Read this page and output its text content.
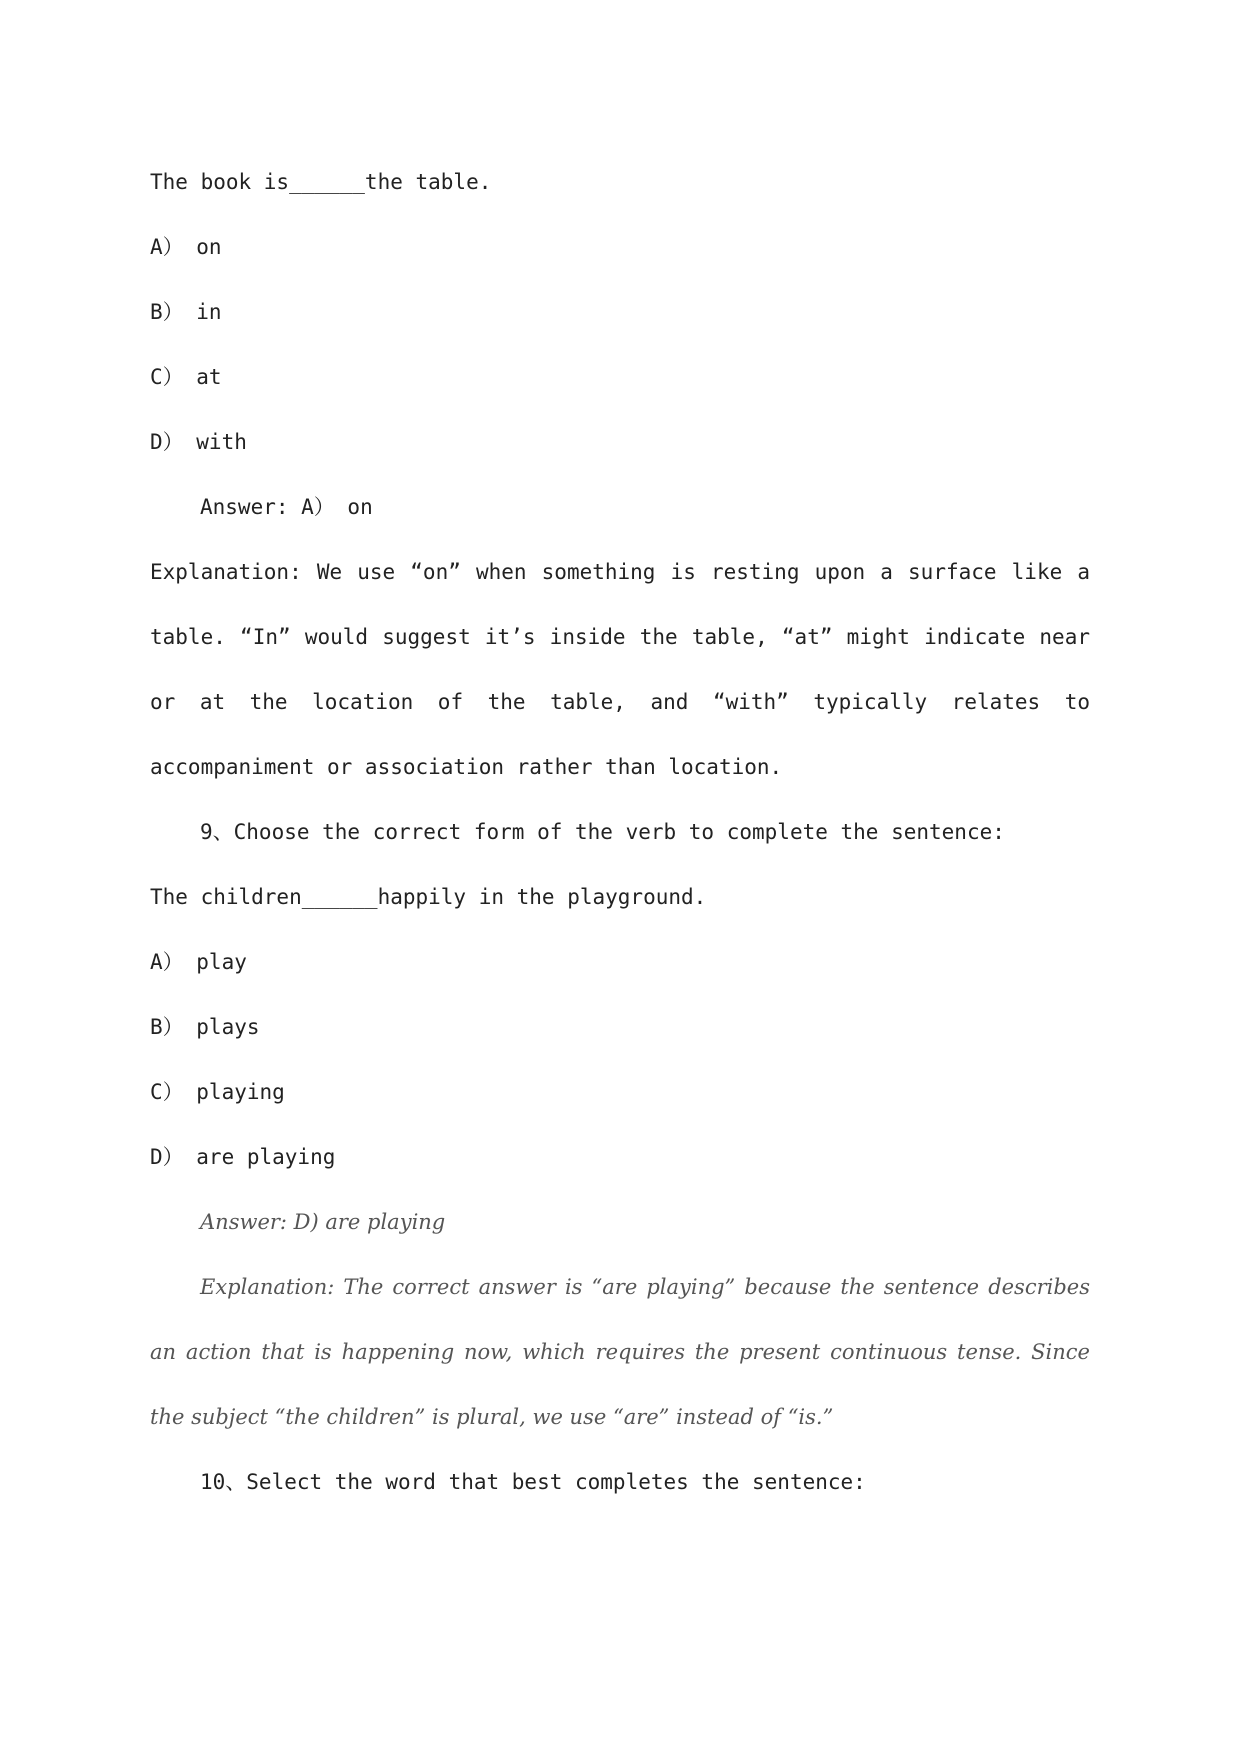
The book is______the table.

A） on

B） in

C） at

D） with

Answer: A） on

Explanation: We use “on” when something is resting upon a surface like a table. “In” would suggest it’s inside the table, “at” might indicate near or at the location of the table, and “with” typically relates to accompaniment or association rather than location.

9、Choose the correct form of the verb to complete the sentence:

The children______happily in the playground.

A） play

B） plays

C） playing

D） are playing

Answer: D) are playing

Explanation: The correct answer is “are playing” because the sentence describes an action that is happening now, which requires the present continuous tense. Since the subject “the children” is plural, we use “are” instead of “is.”

10、Select the word that best completes the sentence:
